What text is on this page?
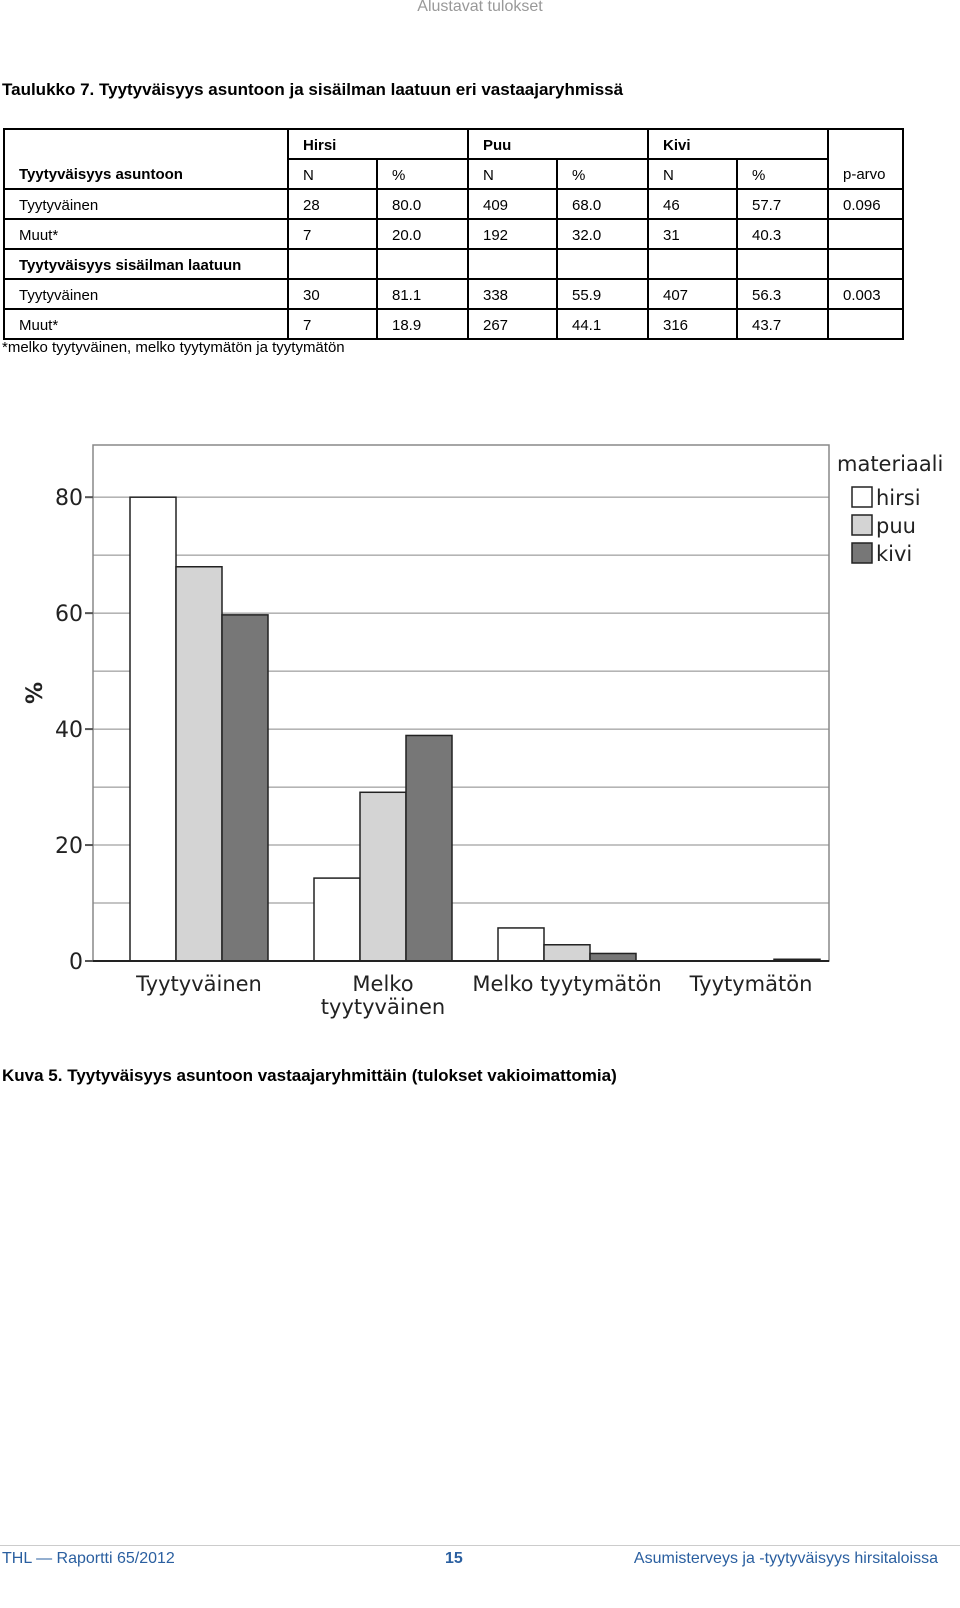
Alustavat tulokset
Taulukko 7. Tyytyväisyys asuntoon ja sisäilman laatuun eri vastaajaryhmissä
	Hirsi		Puu		Kivi		
Tyytyväisyys asuntoon	N	%	N	%	N	%	p-arvo
Tyytyväinen	28	80.0	409	68.0	46	57.7	0.096
Muut*	7	20.0	192	32.0	31	40.3	
Tyytyväisyys sisäilman laatuun							
Tyytyväinen	30	81.1	338	55.9	407	56.3	0.003
Muut*	7	18.9	267	44.1	316	43.7	
*melko tyytyväinen, melko tyytymätön ja tyytymätön
0
20
40
60
80
%
Tyytyväinen	Melko
tyytyväinen
Melko tyytymätön Tyytymätön
materiaali
hirsi
puu
kivi
Kuva 5. Tyytyväisyys asuntoon vastaajaryhmittäin (tulokset vakioimattomia)
THL — Raportti 65/2012	15	Asumisterveys ja -tyytyväisyys hirsitaloissa
